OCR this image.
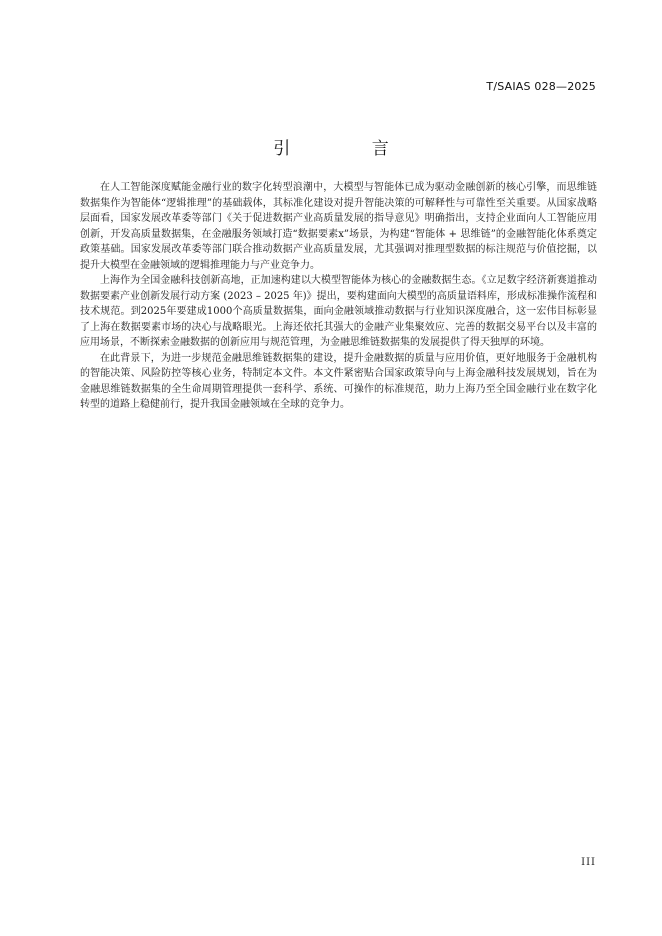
T/SAIAS 028—2025
引 言

在人工智能深度赋能金融行业的数字化转型浪潮中，大模型与智能体已成为驱动金融创新的核心引擎，而思维链数据集作为智能体“逻辑推理”的基础载体，其标准化建设对提升智能决策的可解释性与可靠性至关重要。从国家战略层面看，国家发展改革委等部门《关于促进数据产业高质量发展的指导意见》明确指出，支持企业面向人工智能应用创新，开发高质量数据集，在金融服务领域打造“数据要素x”场景，为构建“智能体 + 思维链”的金融智能化体系奠定政策基础。国家发展改革委等部门联合推动数据产业高质量发展，尤其强调对推理型数据的标注规范与价值挖掘，以提升大模型在金融领域的逻辑推理能力与产业竞争力。

上海作为全国金融科技创新高地，正加速构建以大模型智能体为核心的金融数据生态。《立足数字经济新赛道推动数据要素产业创新发展行动方案 (2023 – 2025 年)》提出，要构建面向大模型的高质量语料库，形成标准操作流程和技术规范。到2025年要建成1000个高质量数据集，面向金融领域推动数据与行业知识深度融合，这一宏伟目标彰显了上海在数据要素市场的决心与战略眼光。上海还依托其强大的金融产业集聚效应、完善的数据交易平台以及丰富的应用场景，不断探索金融数据的创新应用与规范管理，为金融思维链数据集的发展提供了得天独厚的环境。

在此背景下，为进一步规范金融思维链数据集的建设，提升金融数据的质量与应用价值，更好地服务于金融机构的智能决策、风险防控等核心业务，特制定本文件。本文件紧密贴合国家政策导向与上海金融科技发展规划，旨在为金融思维链数据集的全生命周期管理提供一套科学、系统、可操作的标准规范，助力上海乃至全国金融行业在数字化转型的道路上稳健前行，提升我国金融领域在全球的竞争力。

III
